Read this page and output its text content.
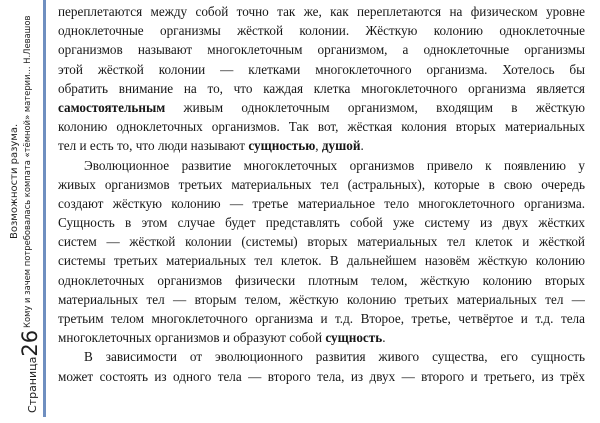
Страница26
Возможности разума. Кому и зачем потребовалась компата «тёмной» материи... Н.Левашов
переплетаются между собой точно так же, как переплетаются на физическом уровне
одноклеточные организмы жёсткой колонии. Жёсткую колонию одноклеточные
организмов называют многоклеточным организмом, а одноклеточные организмы
этой жёсткой колонии — клетками многоклеточного организма. Хотелось бы
обратить внимание на то, что каждая клетка многоклеточного организма является
самостоятельным живым одноклеточным организмом, входящим в жёсткую
колонию одноклеточных организмов. Так вот, жёсткая колония вторых материальных
тел и есть то, что люди называют сущностью, душой.
Эволюционное развитие многоклеточных организмов привело к появлению у
живых организмов третьих материальных тел (астральных), которые в свою очередь
создают жёсткую колонию — третье материальное тело многоклеточного организма.
Сущность в этом случае будет представлять собой уже систему из двух жёстких
систем — жёсткой колонии (системы) вторых материальных тел клеток и жёсткой
системы третьих материальных тел клеток. В дальнейшем назовём жёсткую колонию
одноклеточных организмов физически плотным телом, жёсткую колонию вторых
материальных тел — вторым телом, жёсткую колонию третьих материальных тел —
третьим телом многоклеточного организма и т.д. Второе, третье, четвёртое и т.д. тела
многоклеточных организмов и образуют собой сущность.
В зависимости от эволюционного развития живого существа, его сущность
может состоять из одного тела — второго тела, из двух — второго и третьего, из трёх
